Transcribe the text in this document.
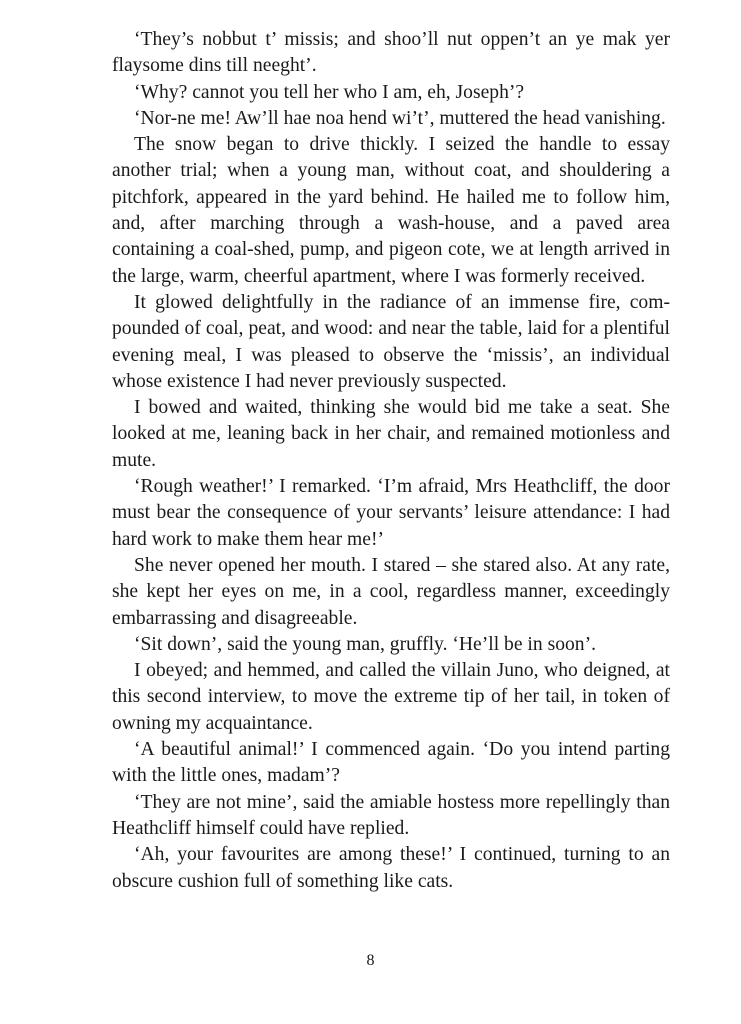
‘They’s nobbut t’ missis; and shoo’ll nut oppen’t an ye mak yer flaysome dins till neeght’.

‘Why? cannot you tell her who I am, eh, Joseph’?

‘Nor-ne me! Aw’ll hae noa hend wi’t’, muttered the head vanishing.

The snow began to drive thickly. I seized the handle to essay another trial; when a young man, without coat, and shouldering a pitchfork, appeared in the yard behind. He hailed me to follow him, and, after marching through a wash-house, and a paved area containing a coal-shed, pump, and pigeon cote, we at length arrived in the large, warm, cheerful apartment, where I was formerly received.

It glowed delightfully in the radiance of an immense fire, compounded of coal, peat, and wood: and near the table, laid for a plentiful evening meal, I was pleased to observe the ‘missis’, an individual whose existence I had never previously suspected.

I bowed and waited, thinking she would bid me take a seat. She looked at me, leaning back in her chair, and remained motionless and mute.

‘Rough weather!’ I remarked. ‘I’m afraid, Mrs Heathcliff, the door must bear the consequence of your servants’ leisure attendance: I had hard work to make them hear me!’

She never opened her mouth. I stared – she stared also. At any rate, she kept her eyes on me, in a cool, regardless manner, exceedingly embarrassing and disagreeable.

‘Sit down’, said the young man, gruffly. ‘He’ll be in soon’.

I obeyed; and hemmed, and called the villain Juno, who deigned, at this second interview, to move the extreme tip of her tail, in token of owning my acquaintance.

‘A beautiful animal!’ I commenced again. ‘Do you intend parting with the little ones, madam’?

‘They are not mine’, said the amiable hostess more repellingly than Heathcliff himself could have replied.

‘Ah, your favourites are among these!’ I continued, turning to an obscure cushion full of something like cats.

8
